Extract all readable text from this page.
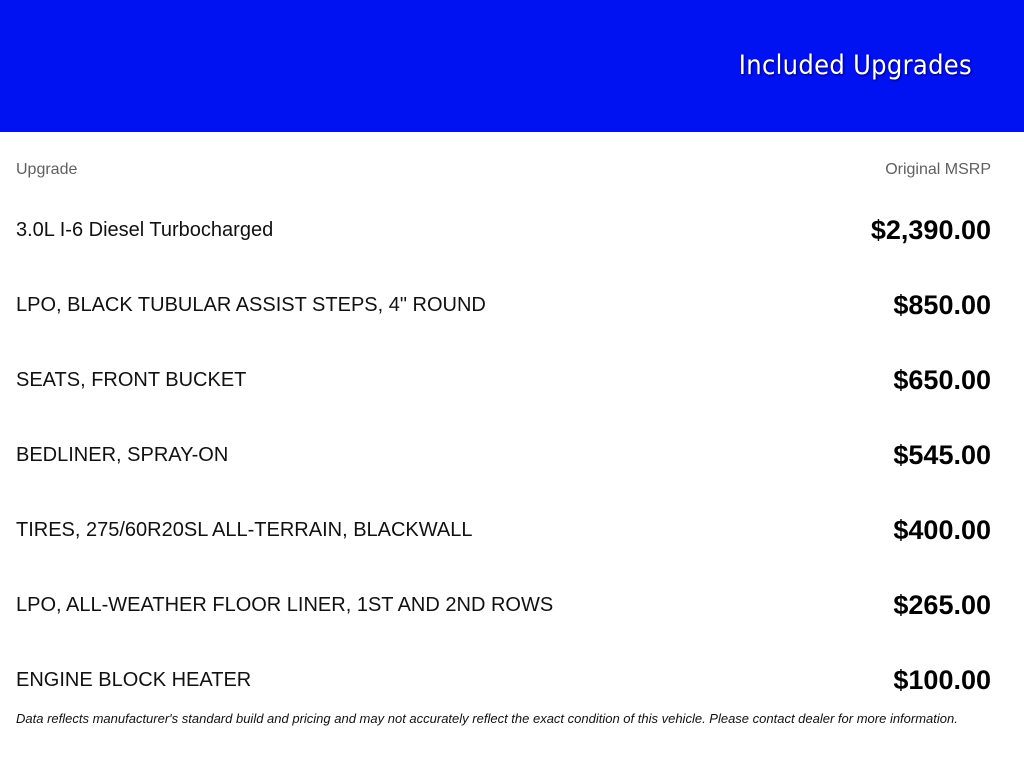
Included Upgrades
Upgrade	Original MSRP
3.0L I-6 Diesel Turbocharged	$2,390.00
LPO, BLACK TUBULAR ASSIST STEPS, 4" ROUND	$850.00
SEATS, FRONT BUCKET	$650.00
BEDLINER, SPRAY-ON	$545.00
TIRES, 275/60R20SL ALL-TERRAIN, BLACKWALL	$400.00
LPO, ALL-WEATHER FLOOR LINER, 1ST AND 2ND ROWS	$265.00
ENGINE BLOCK HEATER	$100.00
Data reflects manufacturer's standard build and pricing and may not accurately reflect the exact condition of this vehicle. Please contact dealer for more information.
